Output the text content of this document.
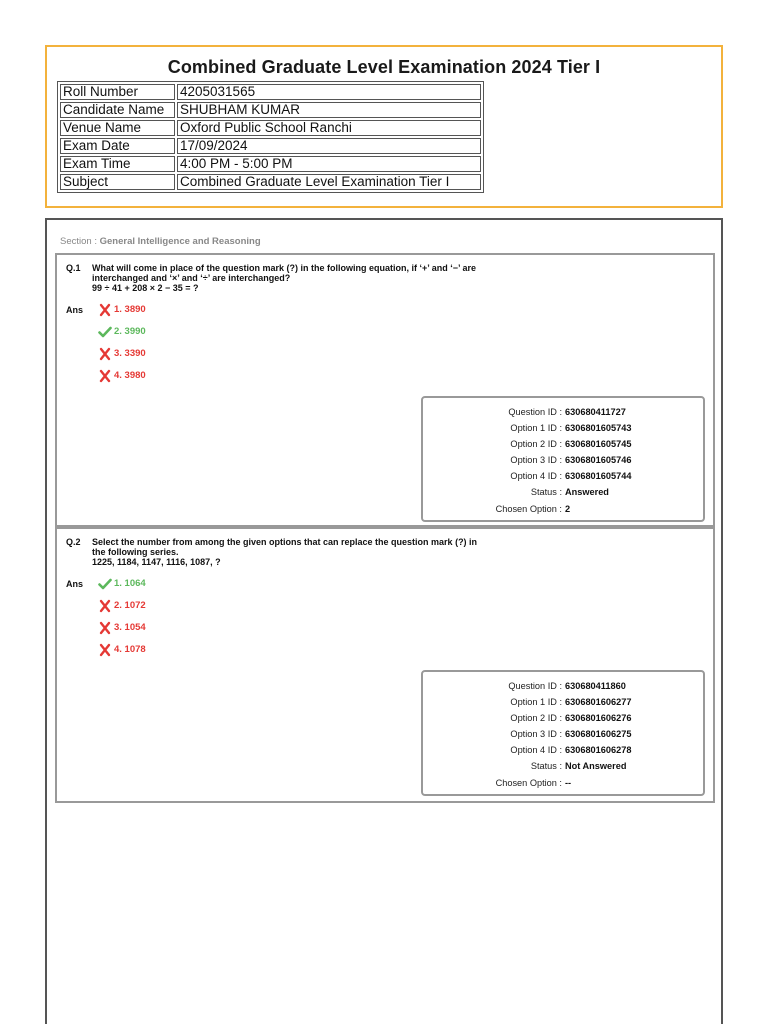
Combined Graduate Level Examination 2024 Tier I
Roll Number	4205031565
Candidate Name	SHUBHAM KUMAR
Venue Name	Oxford Public School Ranchi
Exam Date	17/09/2024
Exam Time	4:00 PM - 5:00 PM
Subject	Combined Graduate Level Examination Tier I
Section : General Intelligence and Reasoning
Q.1 What will come in place of the question mark (?) in the following equation, if ‘+’ and ‘−’ are
interchanged and ‘×’ and ‘÷’ are interchanged?
99 ÷ 41 + 208 × 2 − 35 = ?
Ans	1. 3890
2. 3990
3. 3390
4. 3980
Question ID : 630680411727
Option 1 ID : 6306801605743
Option 2 ID : 6306801605745
Option 3 ID : 6306801605746
Option 4 ID : 6306801605744
Status : Answered
Chosen Option : 2
Q.2 Select the number from among the given options that can replace the question mark (?) in
the following series.
1225, 1184, 1147, 1116, 1087, ?
Ans	1. 1064
2. 1072
3. 1054
4. 1078
Question ID : 630680411860
Option 1 ID : 6306801606277
Option 2 ID : 6306801606276
Option 3 ID : 6306801606275
Option 4 ID : 6306801606278
Status : Not Answered
Chosen Option : --
